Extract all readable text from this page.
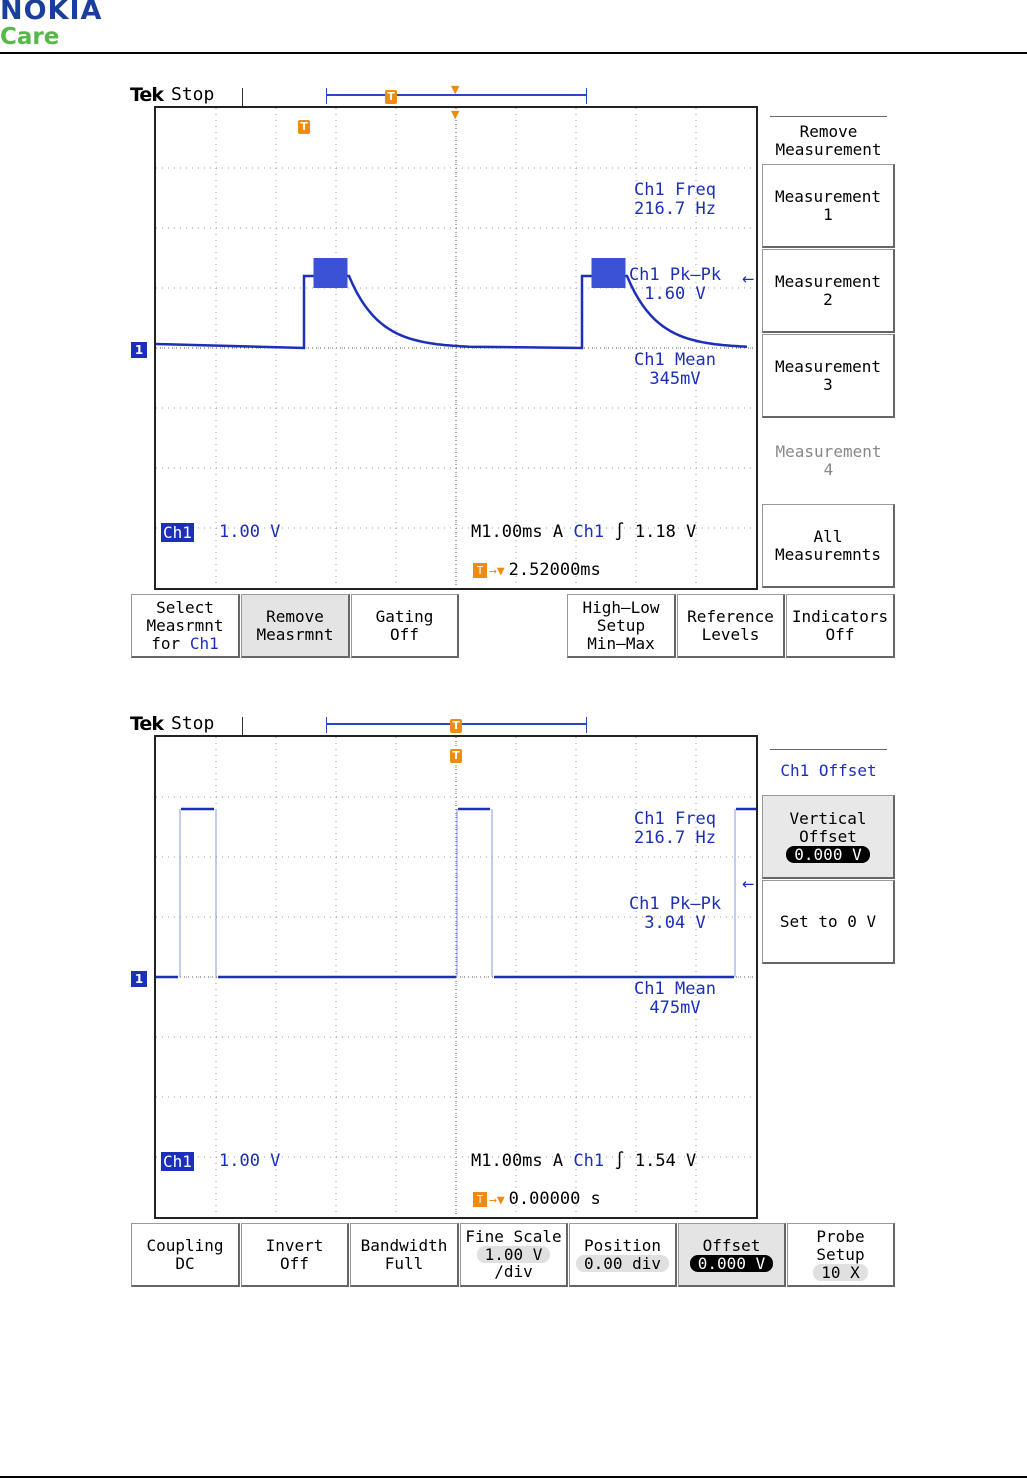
NOKIA
Care
Tek Stop	T
▼
T
▼
1
←
Ch1 Freq
216.7 Hz
Ch1 Pk–Pk
1.60 V
Ch1 Mean
345mV
Ch1 1.00 V	M1.00ms A Ch1 ∫ 1.18 V
T →▼ 2.52000ms
Remove Measurement
Measurement
1
Measurement
2
Measurement
3
Measurement
4
All
Measuremnts
Select
Measrmnt
for Ch1
Remove
Measrmnt
Gating
Off
High–Low
Setup
Min–Max
Reference
Levels
Indicators
Off
Tek Stop	T
T
1
←
Ch1 Freq
216.7 Hz
Ch1 Pk–Pk
3.04 V
Ch1 Mean
475mV
Ch1 1.00 V	M1.00ms A Ch1 ∫ 1.54 V
T →▼ 0.00000 s
Ch1 Offset
Vertical
Offset
0.000 V
Set to 0 V
Coupling
DC
Invert
Off
Bandwidth
Full
Fine Scale
1.00 V
/div
Position
0.00 div
Offset
0.000 V
Probe
Setup
10 X
